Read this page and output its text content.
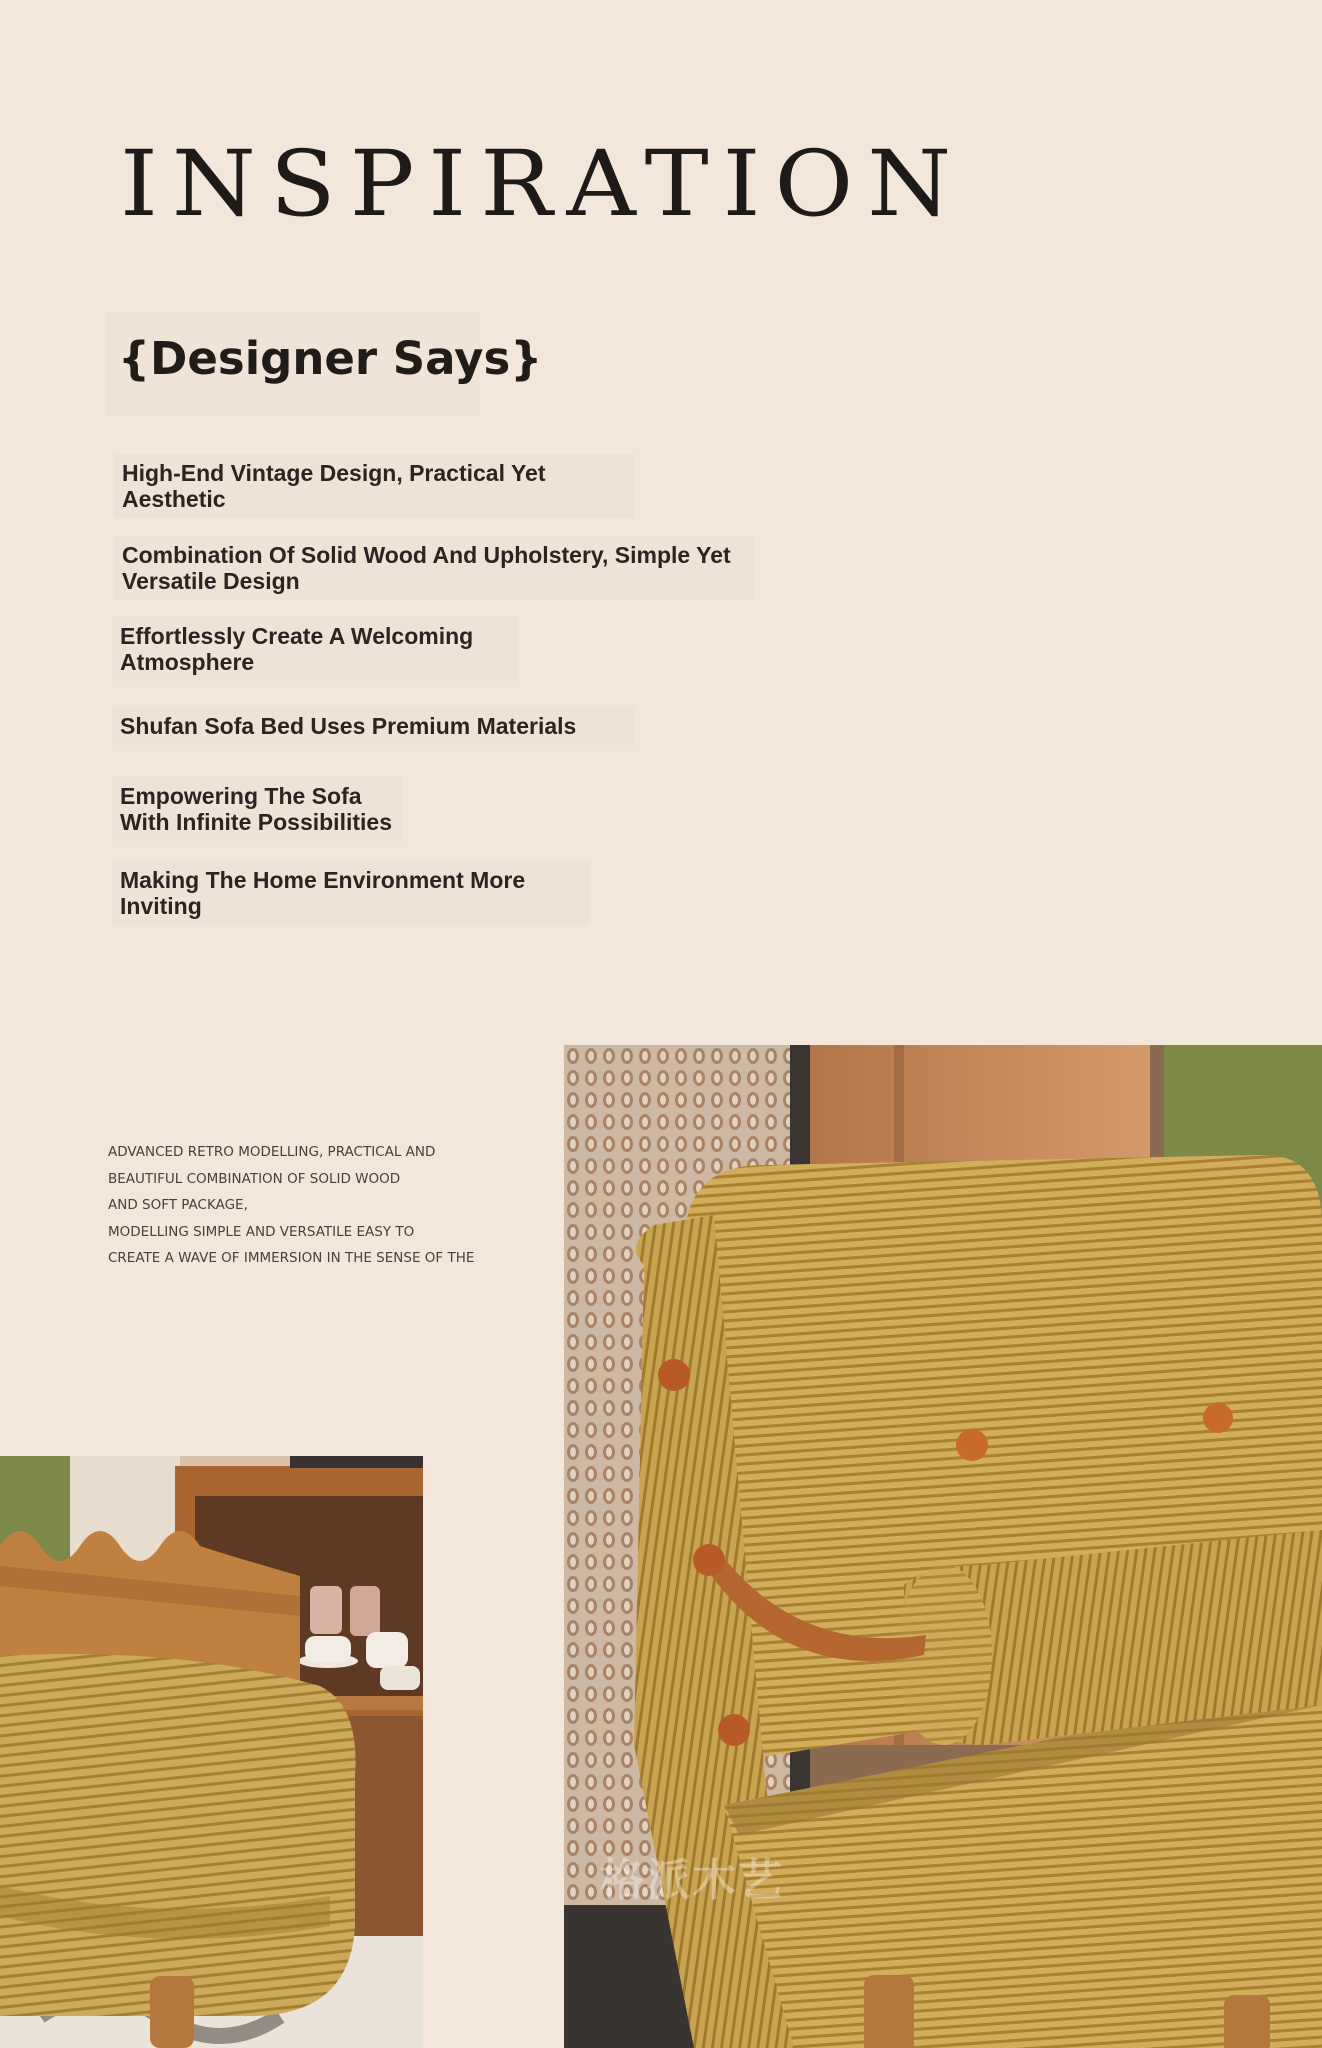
INSPIRATION
{Designer Says}

High-End Vintage Design, Practical Yet
Aesthetic

Combination Of Solid Wood And Upholstery, Simple Yet
Versatile Design

Effortlessly Create A Welcoming
Atmosphere

Shufan Sofa Bed Uses Premium Materials

Empowering The Sofa
With Infinite Possibilities

Making The Home Environment More
Inviting

ADVANCED RETRO MODELLING, PRACTICAL AND
BEAUTIFUL COMBINATION OF SOLID WOOD
AND SOFT PACKAGE,
MODELLING SIMPLE AND VERSATILE EASY TO
CREATE A WAVE OF IMMERSION IN THE SENSE OF THE

格派木艺
